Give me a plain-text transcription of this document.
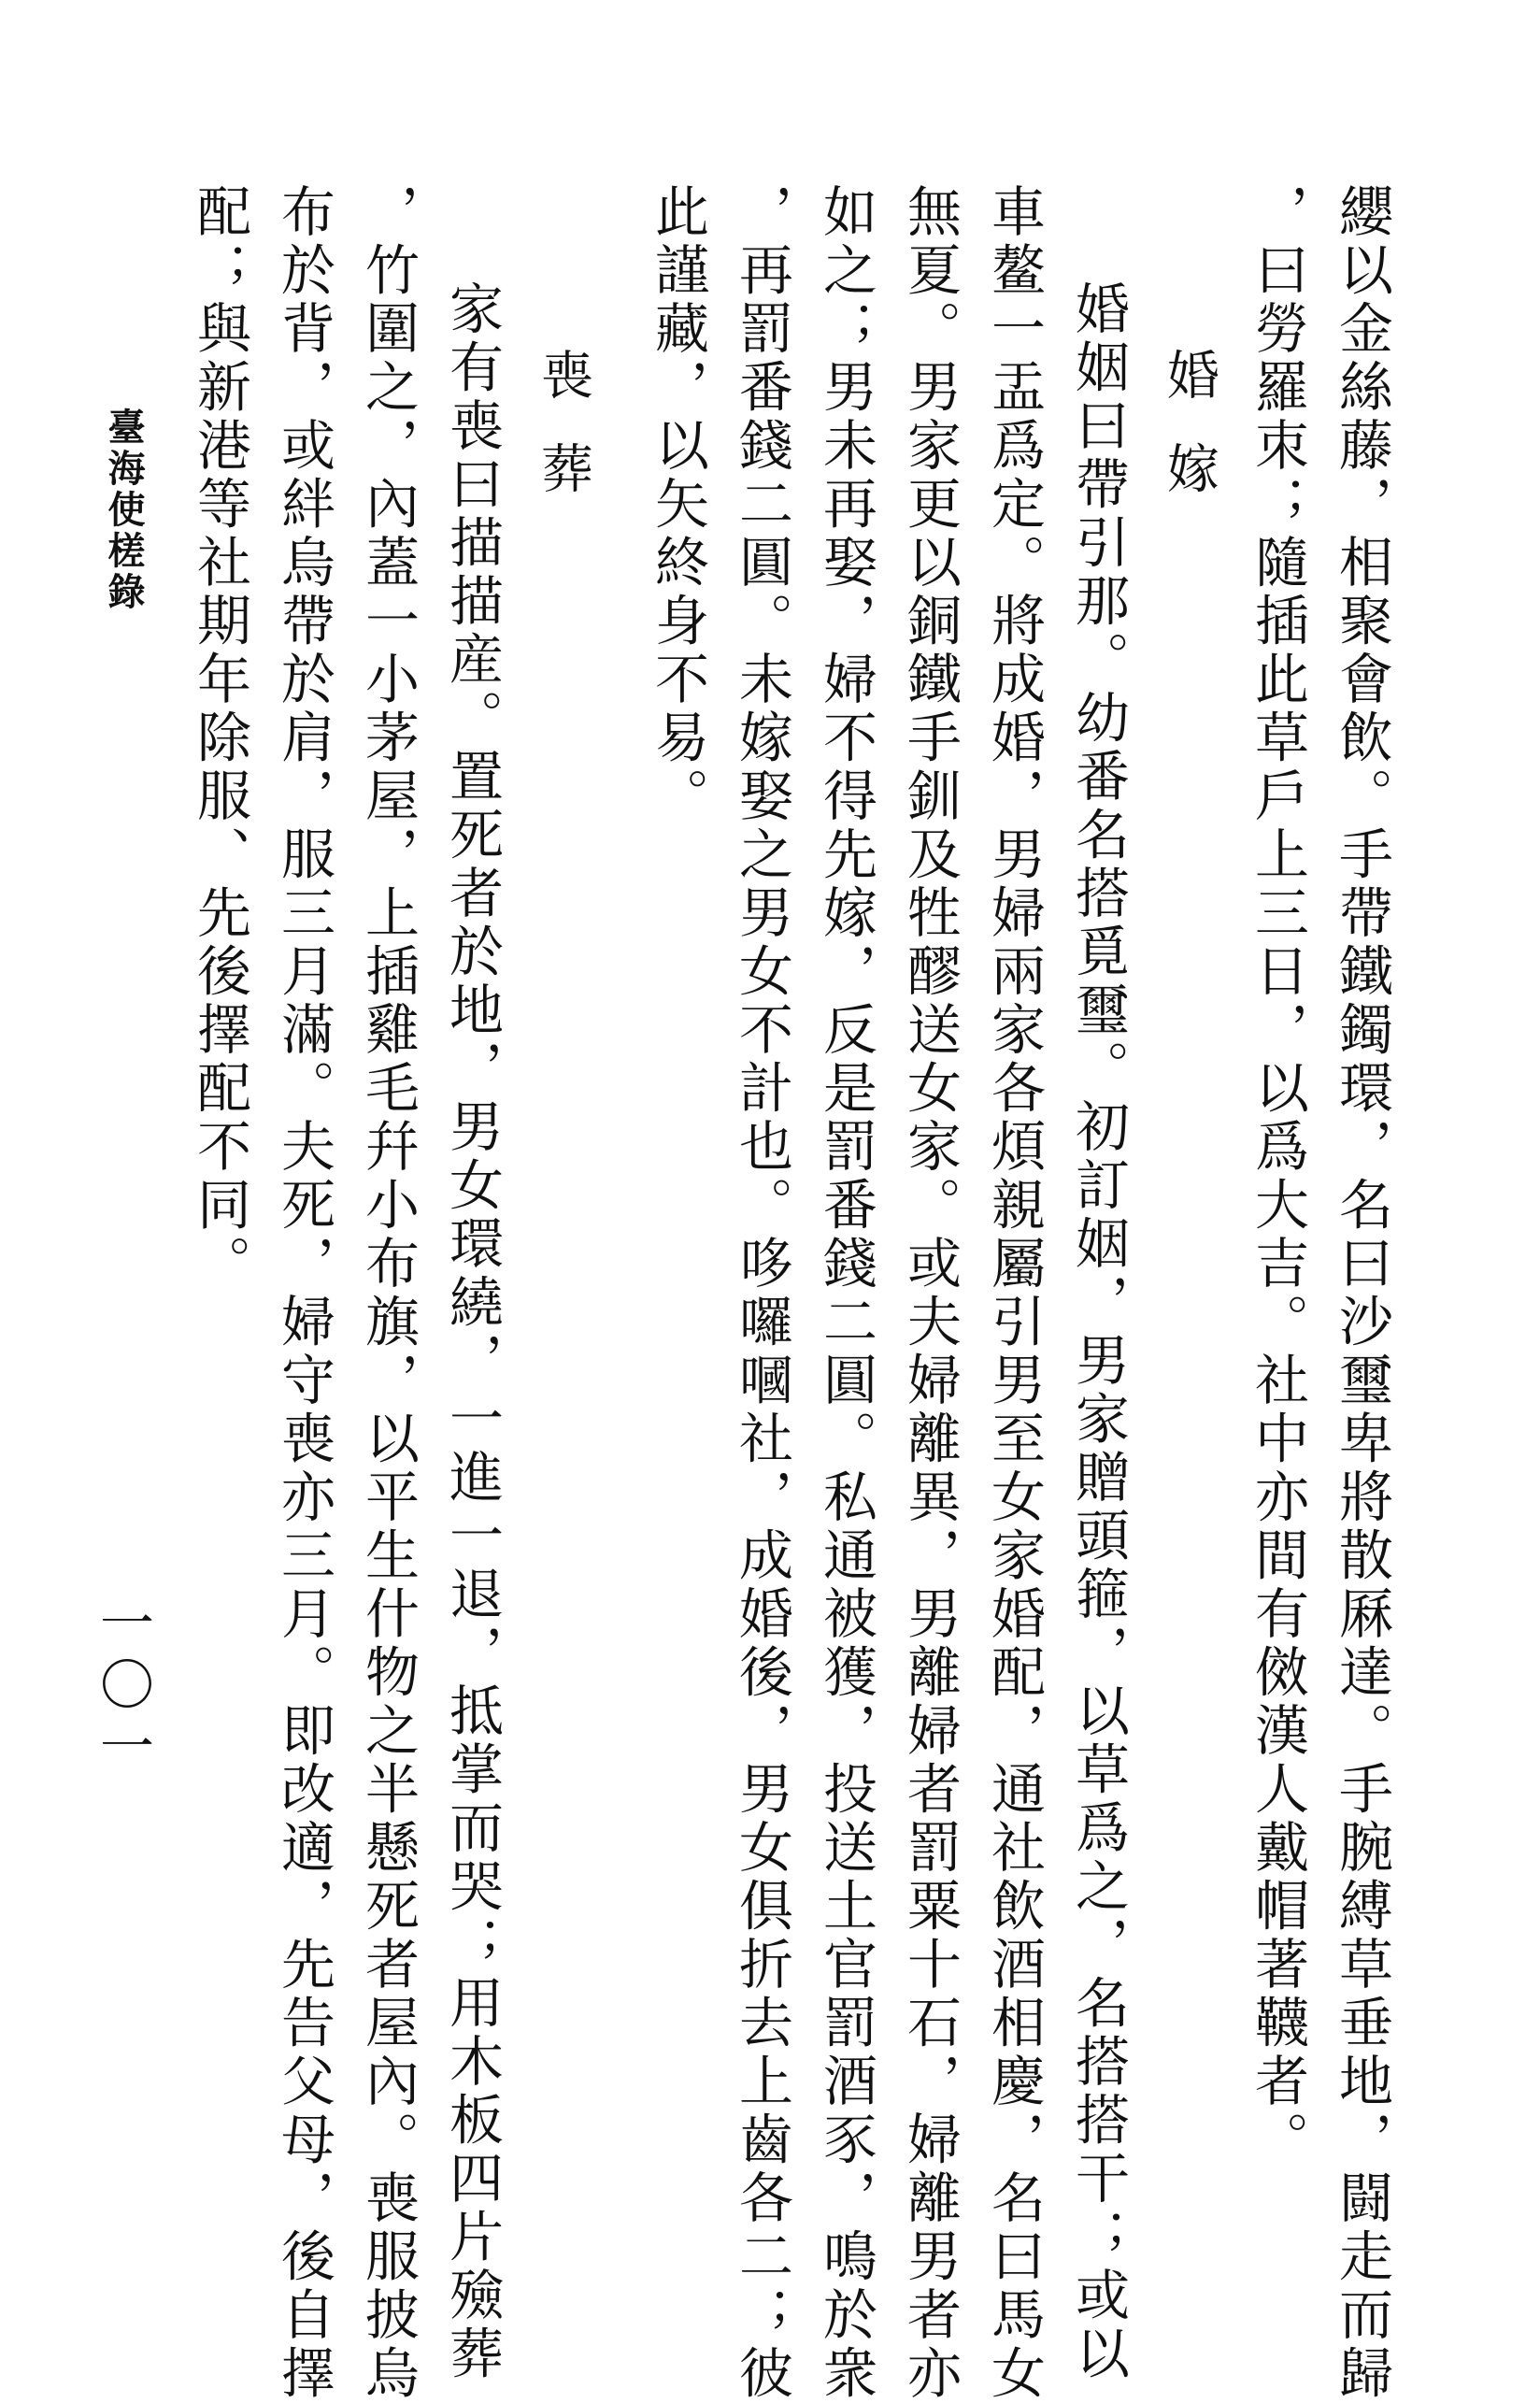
纓以金絲藤，相聚會飲。手帶鐵鐲環，名曰沙璽卑將散厤達。手腕縛草垂地，闘走而歸

，曰勞羅朿；隨插此草戶上三日，以爲大吉。社中亦間有傚漢人戴帽著韈者。

婚嫁

婚姻曰帶引那。幼番名搭覓璽。初訂姻，男家贈頭箍，以草爲之，名搭搭干；或以

車鳌一盂爲定。將成婚，男婦兩家各煩親屬引男至女家婚配，通社飲酒相慶，名曰馬女

無夏。男家更以銅鐵手釧及牲醪送女家。或夫婦離異，男離婦者罰粟十石，婦離男者亦

如之；男未再娶，婦不得先嫁，反是罰番錢二圓。私通被獲，投送土官罰酒豕，鳴於衆

，再罰番錢二圓。未嫁娶之男女不計也。哆囉嘓社，成婚後，男女俱折去上齒各二；彼

此謹藏，以矢終身不易。

喪葬

家有喪曰描描産。置死者於地，男女環繞，一進一退，抵掌而哭；用木板四片殮葬

，竹圍之，內蓋一小茅屋，上插雞毛幷小布旗，以平生什物之半懸死者屋內。喪服披烏

布於背，或絆烏帶於肩，服三月滿。夫死，婦守喪亦三月。即改適，先告父母，後自擇

配；與新港等社期年除服、先後擇配不同。

臺海使槎錄

一〇一
